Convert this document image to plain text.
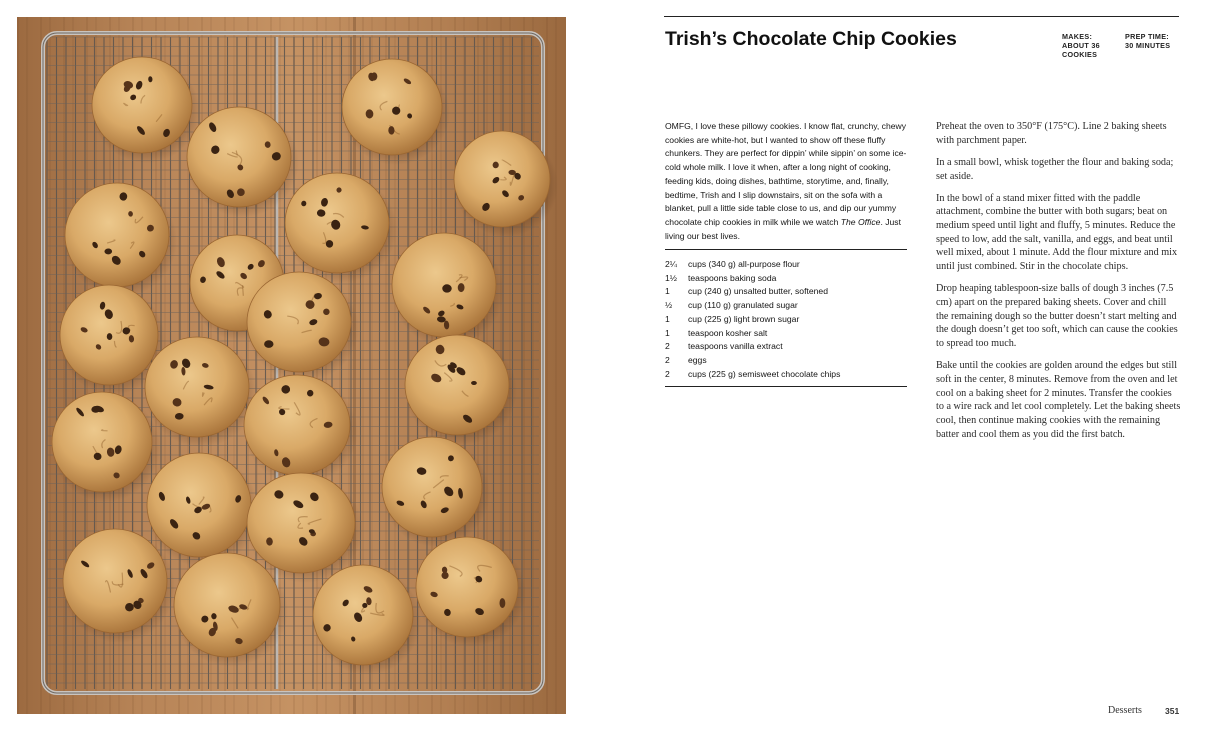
Trish’s Chocolate Chip Cookies	MAKES:
ABOUT 36 COOKIES
PREP TIME:
30 MINUTES

OMFG, I love these pillowy cookies. I know flat, crunchy, chewy cookies are white-hot, but I wanted to show off these fluffy chunkers. They are perfect for dippin’ while sippin’ on some ice-cold whole milk. I love it when, after a long night of cooking, feeding kids, doing dishes, bathtime, storytime, and, finally, bedtime, Trish and I slip downstairs, sit on the sofa with a blanket, pull a little side table close to us, and dip our yummy chocolate chip cookies in milk while we watch The Office. Just living our best lives.

2¼	cups (340 g) all-purpose flour
1½	teaspoons baking soda
1	cup (240 g) unsalted butter, softened
½	cup (110 g) granulated sugar
1	cup (225 g) light brown sugar
1	teaspoon kosher salt
2	teaspoons vanilla extract
2	eggs
2	cups (225 g) semisweet chocolate chips

Preheat the oven to 350°F (175°C). Line 2 baking sheets with parchment paper.

In a small bowl, whisk together the flour and baking soda; set aside.

In the bowl of a stand mixer fitted with the paddle attachment, combine the butter with both sugars; beat on medium speed until light and fluffy, 5 minutes. Reduce the speed to low, add the salt, vanilla, and eggs, and beat until well mixed, about 1 minute. Add the flour mixture and mix until just combined. Stir in the chocolate chips.

Drop heaping tablespoon-size balls of dough 3 inches (7.5 cm) apart on the prepared baking sheets. Cover and chill the remaining dough so the butter doesn’t start melting and the dough doesn’t get too soft, which can cause the cookies to spread too much.

Bake until the cookies are golden around the edges but still soft in the center, 8 minutes. Remove from the oven and let cool on a baking sheet for 2 minutes. Transfer the cookies to a wire rack and let cool completely. Let the baking sheets cool, then continue making cookies with the remaining batter and cool them as you did the first batch.

Desserts	351
